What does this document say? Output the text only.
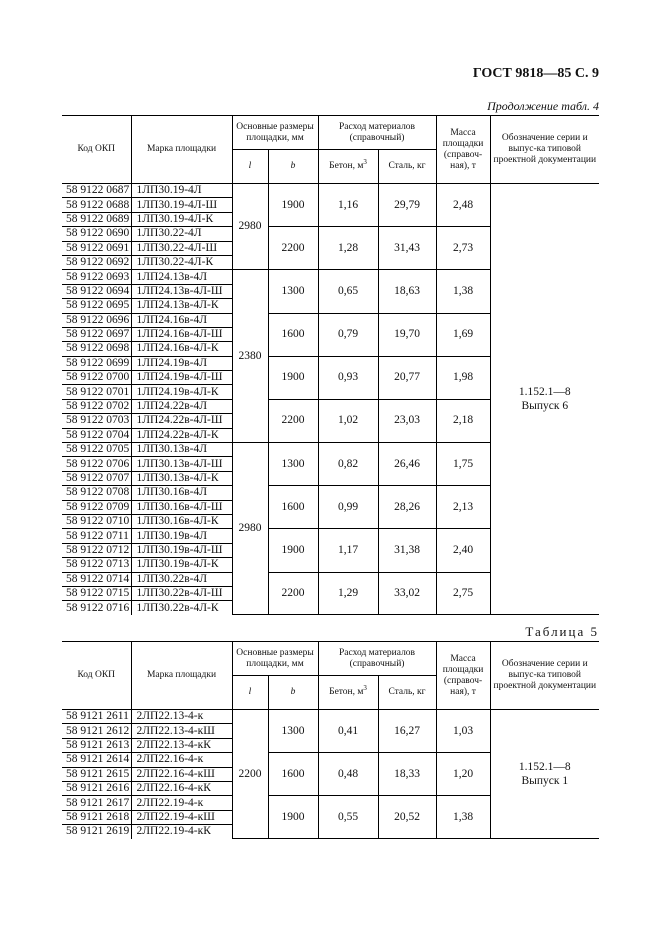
ГОСТ 9818—85 С. 9
Продолжение табл. 4
Код ОКП	Марка площадки	Основные размеры площадки, мм		Расход материалов (справочный)		Масса площадки (справоч-ная), т	Обозначение серии и выпус-ка типовой проектной документации
		l	b	Бетон, $м^3$	Сталь, кг		
58 9122 0687	1ЛП30.19-4Л	2980	1900	1,16	29,79	2,48	1.152.1—8
Выпуск 6

58 9122 0688	1ЛП30.19-4Л-Ш						
58 9122 0689	1ЛП30.19-4Л-К						
58 9122 0690	1ЛП30.22-4Л		2200	1,28	31,43	2,73	
58 9122 0691	1ЛП30.22-4Л-Ш						
58 9122 0692	1ЛП30.22-4Л-К						
58 9122 0693	1ЛП24.13в-4Л	2380	1300	0,65	18,63	1,38	
58 9122 0694	1ЛП24.13в-4Л-Ш						
58 9122 0695	1ЛП24.13в-4Л-К						
58 9122 0696	1ЛП24.16в-4Л		1600	0,79	19,70	1,69	
58 9122 0697	1ЛП24.16в-4Л-Ш						
58 9122 0698	1ЛП24.16в-4Л-К						
58 9122 0699	1ЛП24.19в-4Л		1900	0,93	20,77	1,98	
58 9122 0700	1ЛП24.19в-4Л-Ш						
58 9122 0701	1ЛП24.19в-4Л-К						
58 9122 0702	1ЛП24.22в-4Л		2200	1,02	23,03	2,18	
58 9122 0703	1ЛП24.22в-4Л-Ш						
58 9122 0704	1ЛП24.22в-4Л-К						
58 9122 0705	1ЛП30.13в-4Л	2980	1300	0,82	26,46	1,75	
58 9122 0706	1ЛП30.13в-4Л-Ш						
58 9122 0707	1ЛП30.13в-4Л-К						
58 9122 0708	1ЛП30.16в-4Л		1600	0,99	28,26	2,13	
58 9122 0709	1ЛП30.16в-4Л-Ш						
58 9122 0710	1ЛП30.16в-4Л-К						
58 9122 0711	1ЛП30.19в-4Л		1900	1,17	31,38	2,40	
58 9122 0712	1ЛП30.19в-4Л-Ш						
58 9122 0713	1ЛП30.19в-4Л-К						
58 9122 0714	1ЛП30.22в-4Л		2200	1,29	33,02	2,75	
58 9122 0715	1ЛП30.22в-4Л-Ш						
58 9122 0716	1ЛП30.22в-4Л-К						
Таблица 5
Код ОКП	Марка площадки	Основные размеры площадки, мм		Расход материалов (справочный)		Масса площадки (справоч-ная), т	Обозначение серии и выпус-ка типовой проектной документации
		l	b	Бетон, $м^3$	Сталь, кг		
58 9121 2611	2ЛП22.13-4-к	2200	1300	0,41	16,27	1,03	1.152.1—8
Выпуск 1

58 9121 2612	2ЛП22.13-4-кШ						
58 9121 2613	2ЛП22.13-4-кК						
58 9121 2614	2ЛП22.16-4-к		1600	0,48	18,33	1,20	
58 9121 2615	2ЛП22.16-4-кШ						
58 9121 2616	2ЛП22.16-4-кК						
58 9121 2617	2ЛП22.19-4-к		1900	0,55	20,52	1,38	
58 9121 2618	2ЛП22.19-4-кШ						
58 9121 2619	2ЛП22.19-4-кК						
